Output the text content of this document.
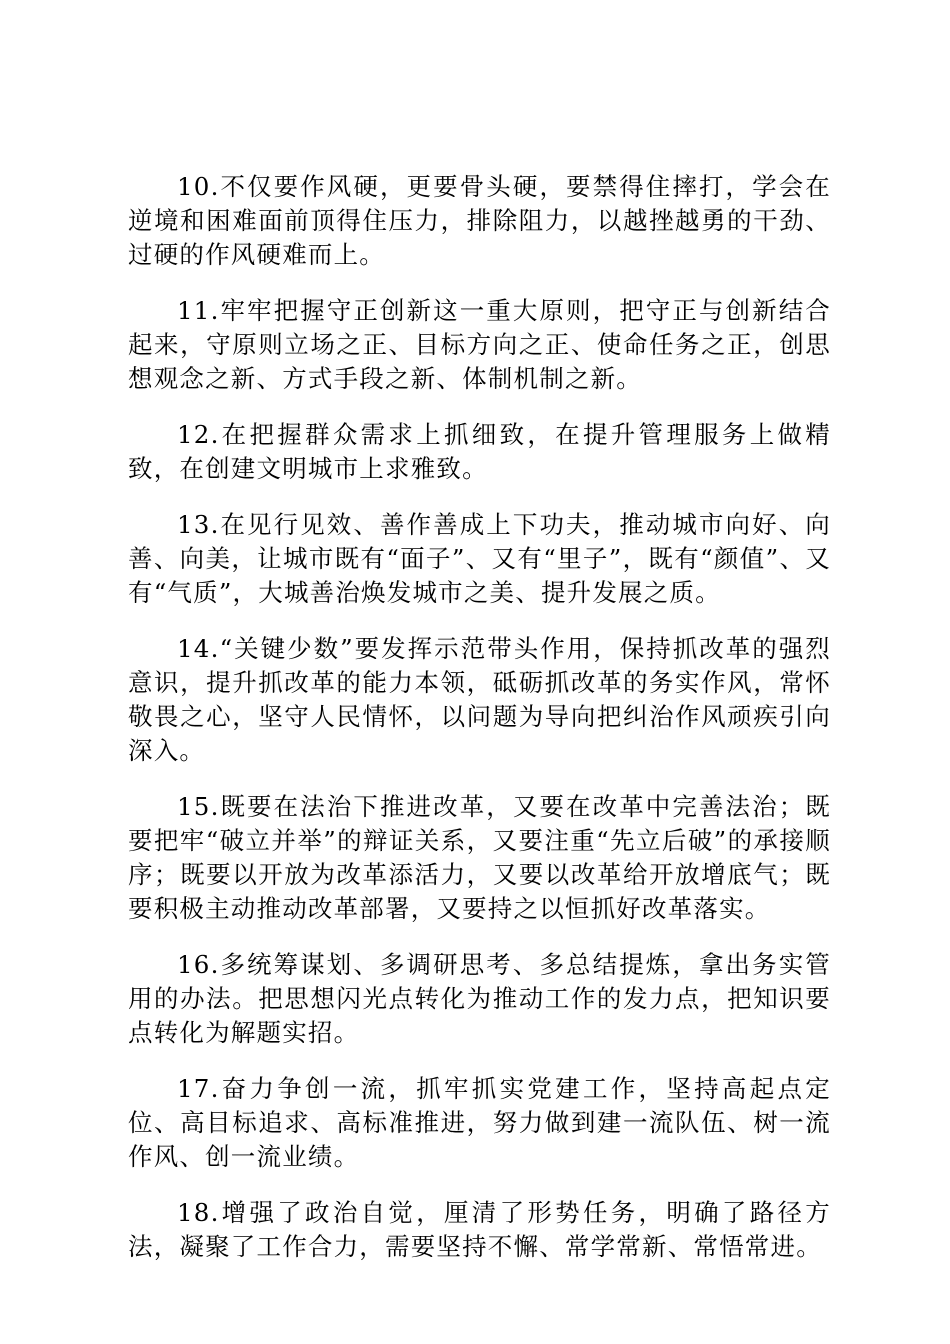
10.不仅要作风硬，更要骨头硬，要禁得住摔打，学会在逆境和困难面前顶得住压力，排除阻力，以越挫越勇的干劲、过硬的作风硬难而上。

11.牢牢把握守正创新这一重大原则，把守正与创新结合起来，守原则立场之正、目标方向之正、使命任务之正，创思想观念之新、方式手段之新、体制机制之新。

12.在把握群众需求上抓细致，在提升管理服务上做精致，在创建文明城市上求雅致。

13.在见行见效、善作善成上下功夫，推动城市向好、向善、向美，让城市既有“面子”、又有“里子”，既有“颜值”、又有“气质”，大城善治焕发城市之美、提升发展之质。

14.“关键少数”要发挥示范带头作用，保持抓改革的强烈意识，提升抓改革的能力本领，砥砺抓改革的务实作风，常怀敬畏之心，坚守人民情怀，以问题为导向把纠治作风顽疾引向深入。

15.既要在法治下推进改革，又要在改革中完善法治；既要把牢“破立并举”的辩证关系，又要注重“先立后破”的承接顺序；既要以开放为改革添活力，又要以改革给开放增底气；既要积极主动推动改革部署，又要持之以恒抓好改革落实。

16.多统筹谋划、多调研思考、多总结提炼，拿出务实管用的办法。把思想闪光点转化为推动工作的发力点，把知识要点转化为解题实招。

17.奋力争创一流，抓牢抓实党建工作，坚持高起点定位、高目标追求、高标准推进，努力做到建一流队伍、树一流作风、创一流业绩。

18.增强了政治自觉，厘清了形势任务，明确了路径方法，凝聚了工作合力，需要坚持不懈、常学常新、常悟常进。
